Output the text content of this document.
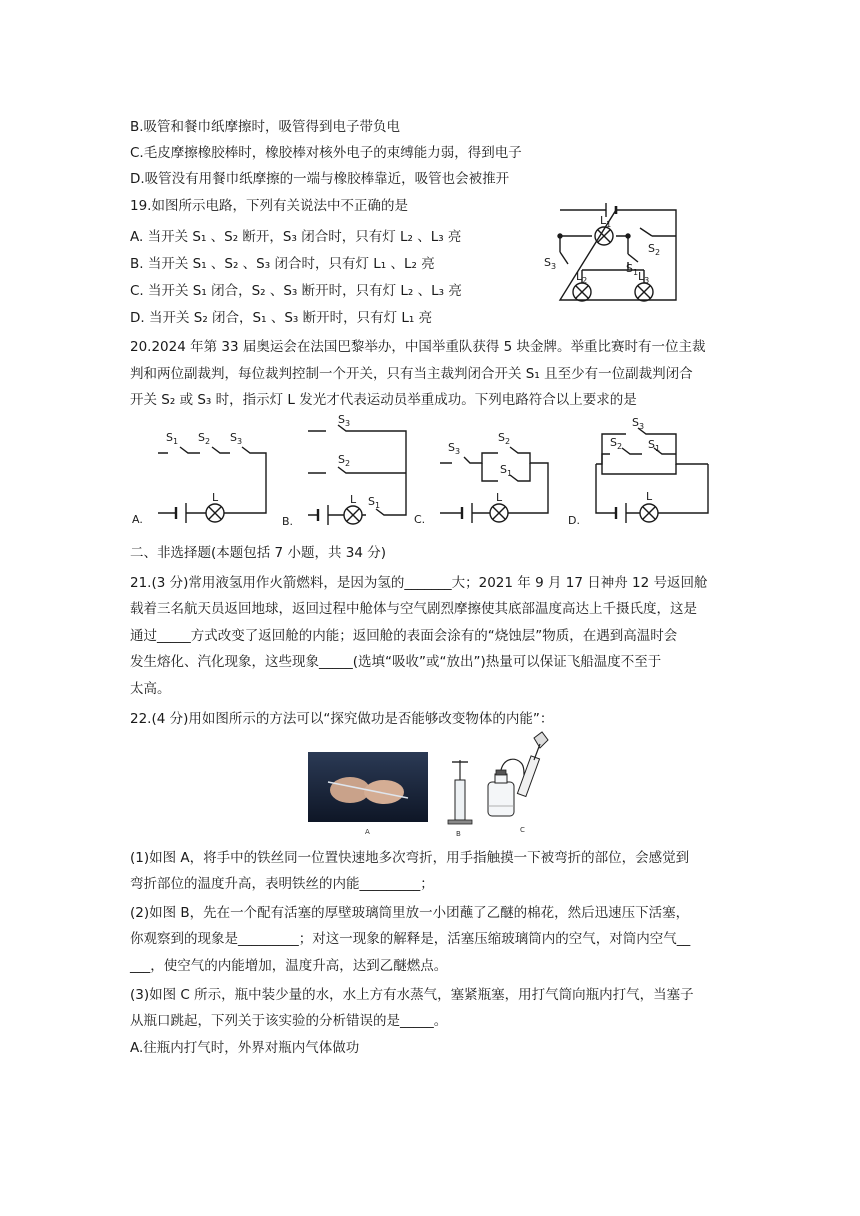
B.吸管和餐巾纸摩擦时，吸管得到电子带负电
C.毛皮摩擦橡胶棒时，橡胶棒对核外电子的束缚能力弱，得到电子
D.吸管没有用餐巾纸摩擦的一端与橡胶棒靠近，吸管也会被推开
19.如图所示电路，下列有关说法中不正确的是
A. 当开关 S₁ 、S₂ 断开，S₃ 闭合时，只有灯 L₂ 、L₃ 亮
B. 当开关 S₁ 、S₂ 、S₃ 闭合时，只有灯 L₁ 、L₂ 亮
C. 当开关 S₁ 闭合，S₂ 、S₃ 断开时，只有灯 L₂ 、L₃ 亮
D. 当开关 S₂ 闭合，S₁ 、S₃ 断开时，只有灯 L₁ 亮
$L_1$
$S_2$
$S_1$
$S_3$
$L_2$	$L_3$
20.2024 年第 33 届奥运会在法国巴黎举办，中国举重队获得 5 块金牌。举重比赛时有一位主裁
判和两位副裁判，每位裁判控制一个开关，只有当主裁判闭合开关 S₁ 且至少有一位副裁判闭合
开关 S₂ 或 S₃ 时，指示灯 L 发光才代表运动员举重成功。下列电路符合以上要求的是
$S_1$ $S_2$ $S_3$
L
A.
$S_3$
$S_2$
L $S_1$
B.
$S_3$
$S_2$
$S_1$
L
C.
$S_3$
$S_1$
$S_2$
L
D.
二、非选择题(本题包括 7 小题，共 34 分)
21.(3 分)常用液氢用作火箭燃料，是因为氢的_______大；2021 年 9 月 17 日神舟 12 号返回舱
载着三名航天员返回地球，返回过程中舱体与空气剧烈摩擦使其底部温度高达上千摄氏度，这是
通过_____方式改变了返回舱的内能；返回舱的表面会涂有的“烧蚀层”物质，在遇到高温时会
发生熔化、汽化现象，这些现象_____(选填“吸收”或“放出”)热量可以保证飞船温度不至于
太高。
22.(4 分)用如图所示的方法可以“探究做功是否能够改变物体的内能”：
A	B	C
(1)如图 A，将手中的铁丝同一位置快速地多次弯折，用手指触摸一下被弯折的部位，会感觉到
弯折部位的温度升高，表明铁丝的内能_________；
(2)如图 B，先在一个配有活塞的厚壁玻璃筒里放一小团蘸了乙醚的棉花，然后迅速压下活塞，
你观察到的现象是_________；对这一现象的解释是，活塞压缩玻璃筒内的空气，对筒内空气__
___，使空气的内能增加，温度升高，达到乙醚燃点。
(3)如图 C 所示，瓶中装少量的水，水上方有水蒸气，塞紧瓶塞，用打气筒向瓶内打气，当塞子
从瓶口跳起，下列关于该实验的分析错误的是_____。
A.往瓶内打气时，外界对瓶内气体做功
